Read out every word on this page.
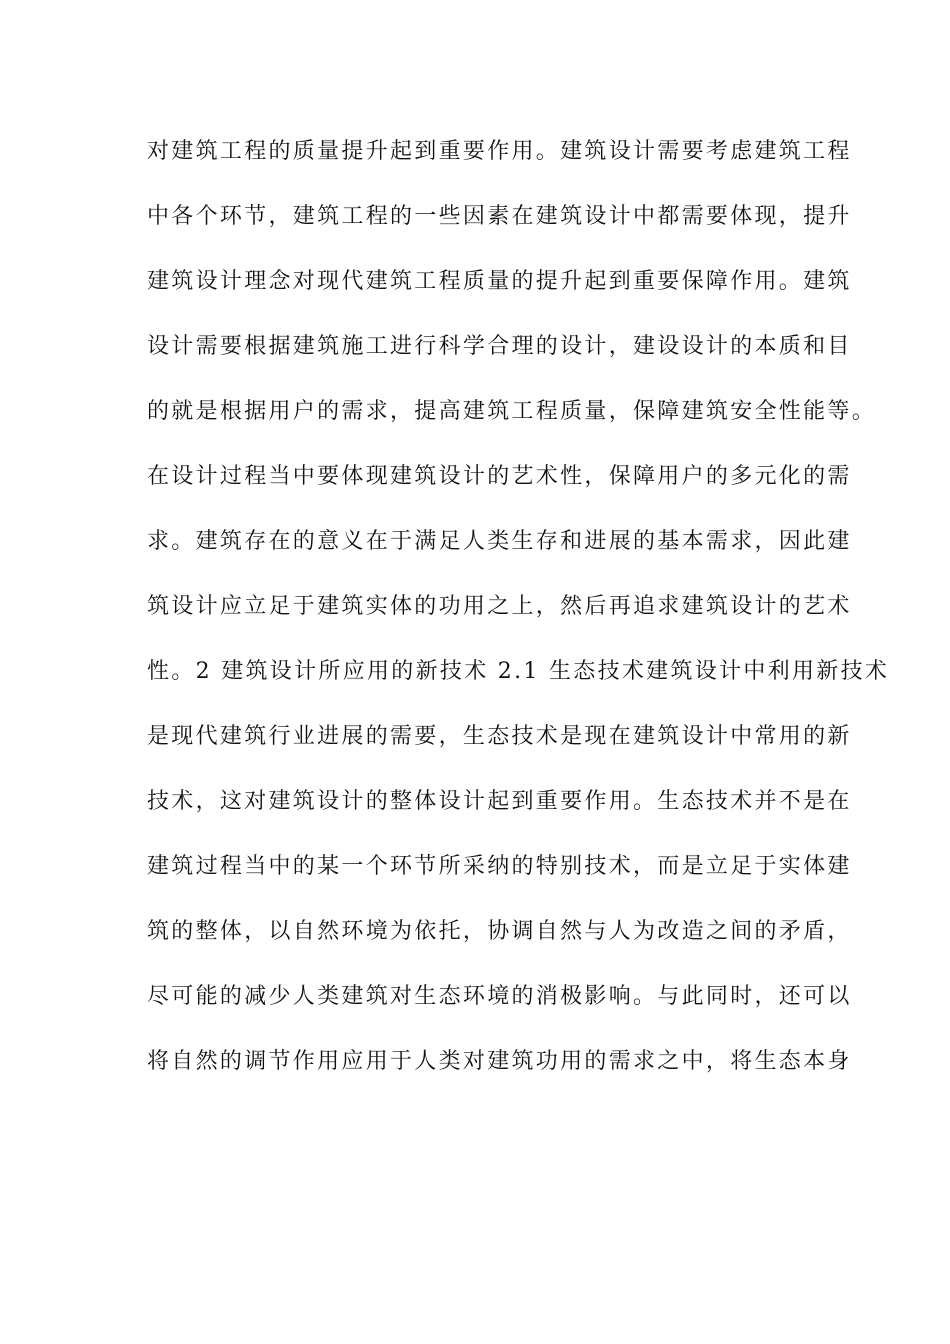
对建筑工程的质量提升起到重要作用。建筑设计需要考虑建筑工程
中各个环节，建筑工程的一些因素在建筑设计中都需要体现，提升
建筑设计理念对现代建筑工程质量的提升起到重要保障作用。建筑
设计需要根据建筑施工进行科学合理的设计，建设设计的本质和目
的就是根据用户的需求，提高建筑工程质量，保障建筑安全性能等。
在设计过程当中要体现建筑设计的艺术性，保障用户的多元化的需
求。建筑存在的意义在于满足人类生存和进展的基本需求，因此建
筑设计应立足于建筑实体的功用之上，然后再追求建筑设计的艺术
性。2 建筑设计所应用的新技术 2.1 生态技术建筑设计中利用新技术
是现代建筑行业进展的需要，生态技术是现在建筑设计中常用的新
技术，这对建筑设计的整体设计起到重要作用。生态技术并不是在
建筑过程当中的某一个环节所采纳的特别技术，而是立足于实体建
筑的整体，以自然环境为依托，协调自然与人为改造之间的矛盾，
尽可能的减少人类建筑对生态环境的消极影响。与此同时，还可以
将自然的调节作用应用于人类对建筑功用的需求之中，将生态本身
